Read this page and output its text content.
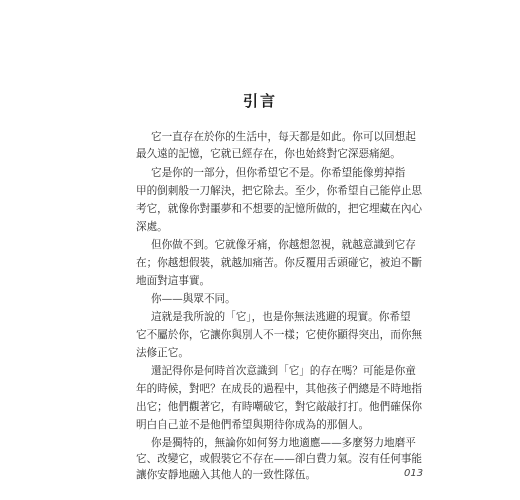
引言
它一直存在於你的生活中，每天都是如此。你可以回想起
最久遠的記憶，它就已經存在，你也始終對它深惡痛絕。
它是你的一部分，但你希望它不是。你希望能像剪掉指
甲的倒刺般一刀解決，把它除去。至少，你希望自己能停止思
考它，就像你對噩夢和不想要的記憶所做的，把它埋藏在內心
深處。
但你做不到。它就像牙痛，你越想忽視，就越意識到它存
在；你越想假裝，就越加痛苦。你反覆用舌頭碰它，被迫不斷
地面對這事實。
你——與眾不同。
這就是我所說的「它」，也是你無法逃避的現實。你希望
它不屬於你，它讓你與別人不一樣；它使你顯得突出，而你無
法修正它。
還記得你是何時首次意識到「它」的存在嗎？可能是你童
年的時候，對吧？在成長的過程中，其他孩子們總是不時地指
出它；他們觀著它，有時嘲破它，對它敲敲打打。他們確保你
明白自己並不是他們希望與期待你成為的那個人。
你是獨特的，無論你如何努力地適應——多麼努力地磨平
它、改變它，或假裝它不存在——卻白費力氣。沒有任何事能
讓你安靜地融入其他人的一致性隊伍。	013
